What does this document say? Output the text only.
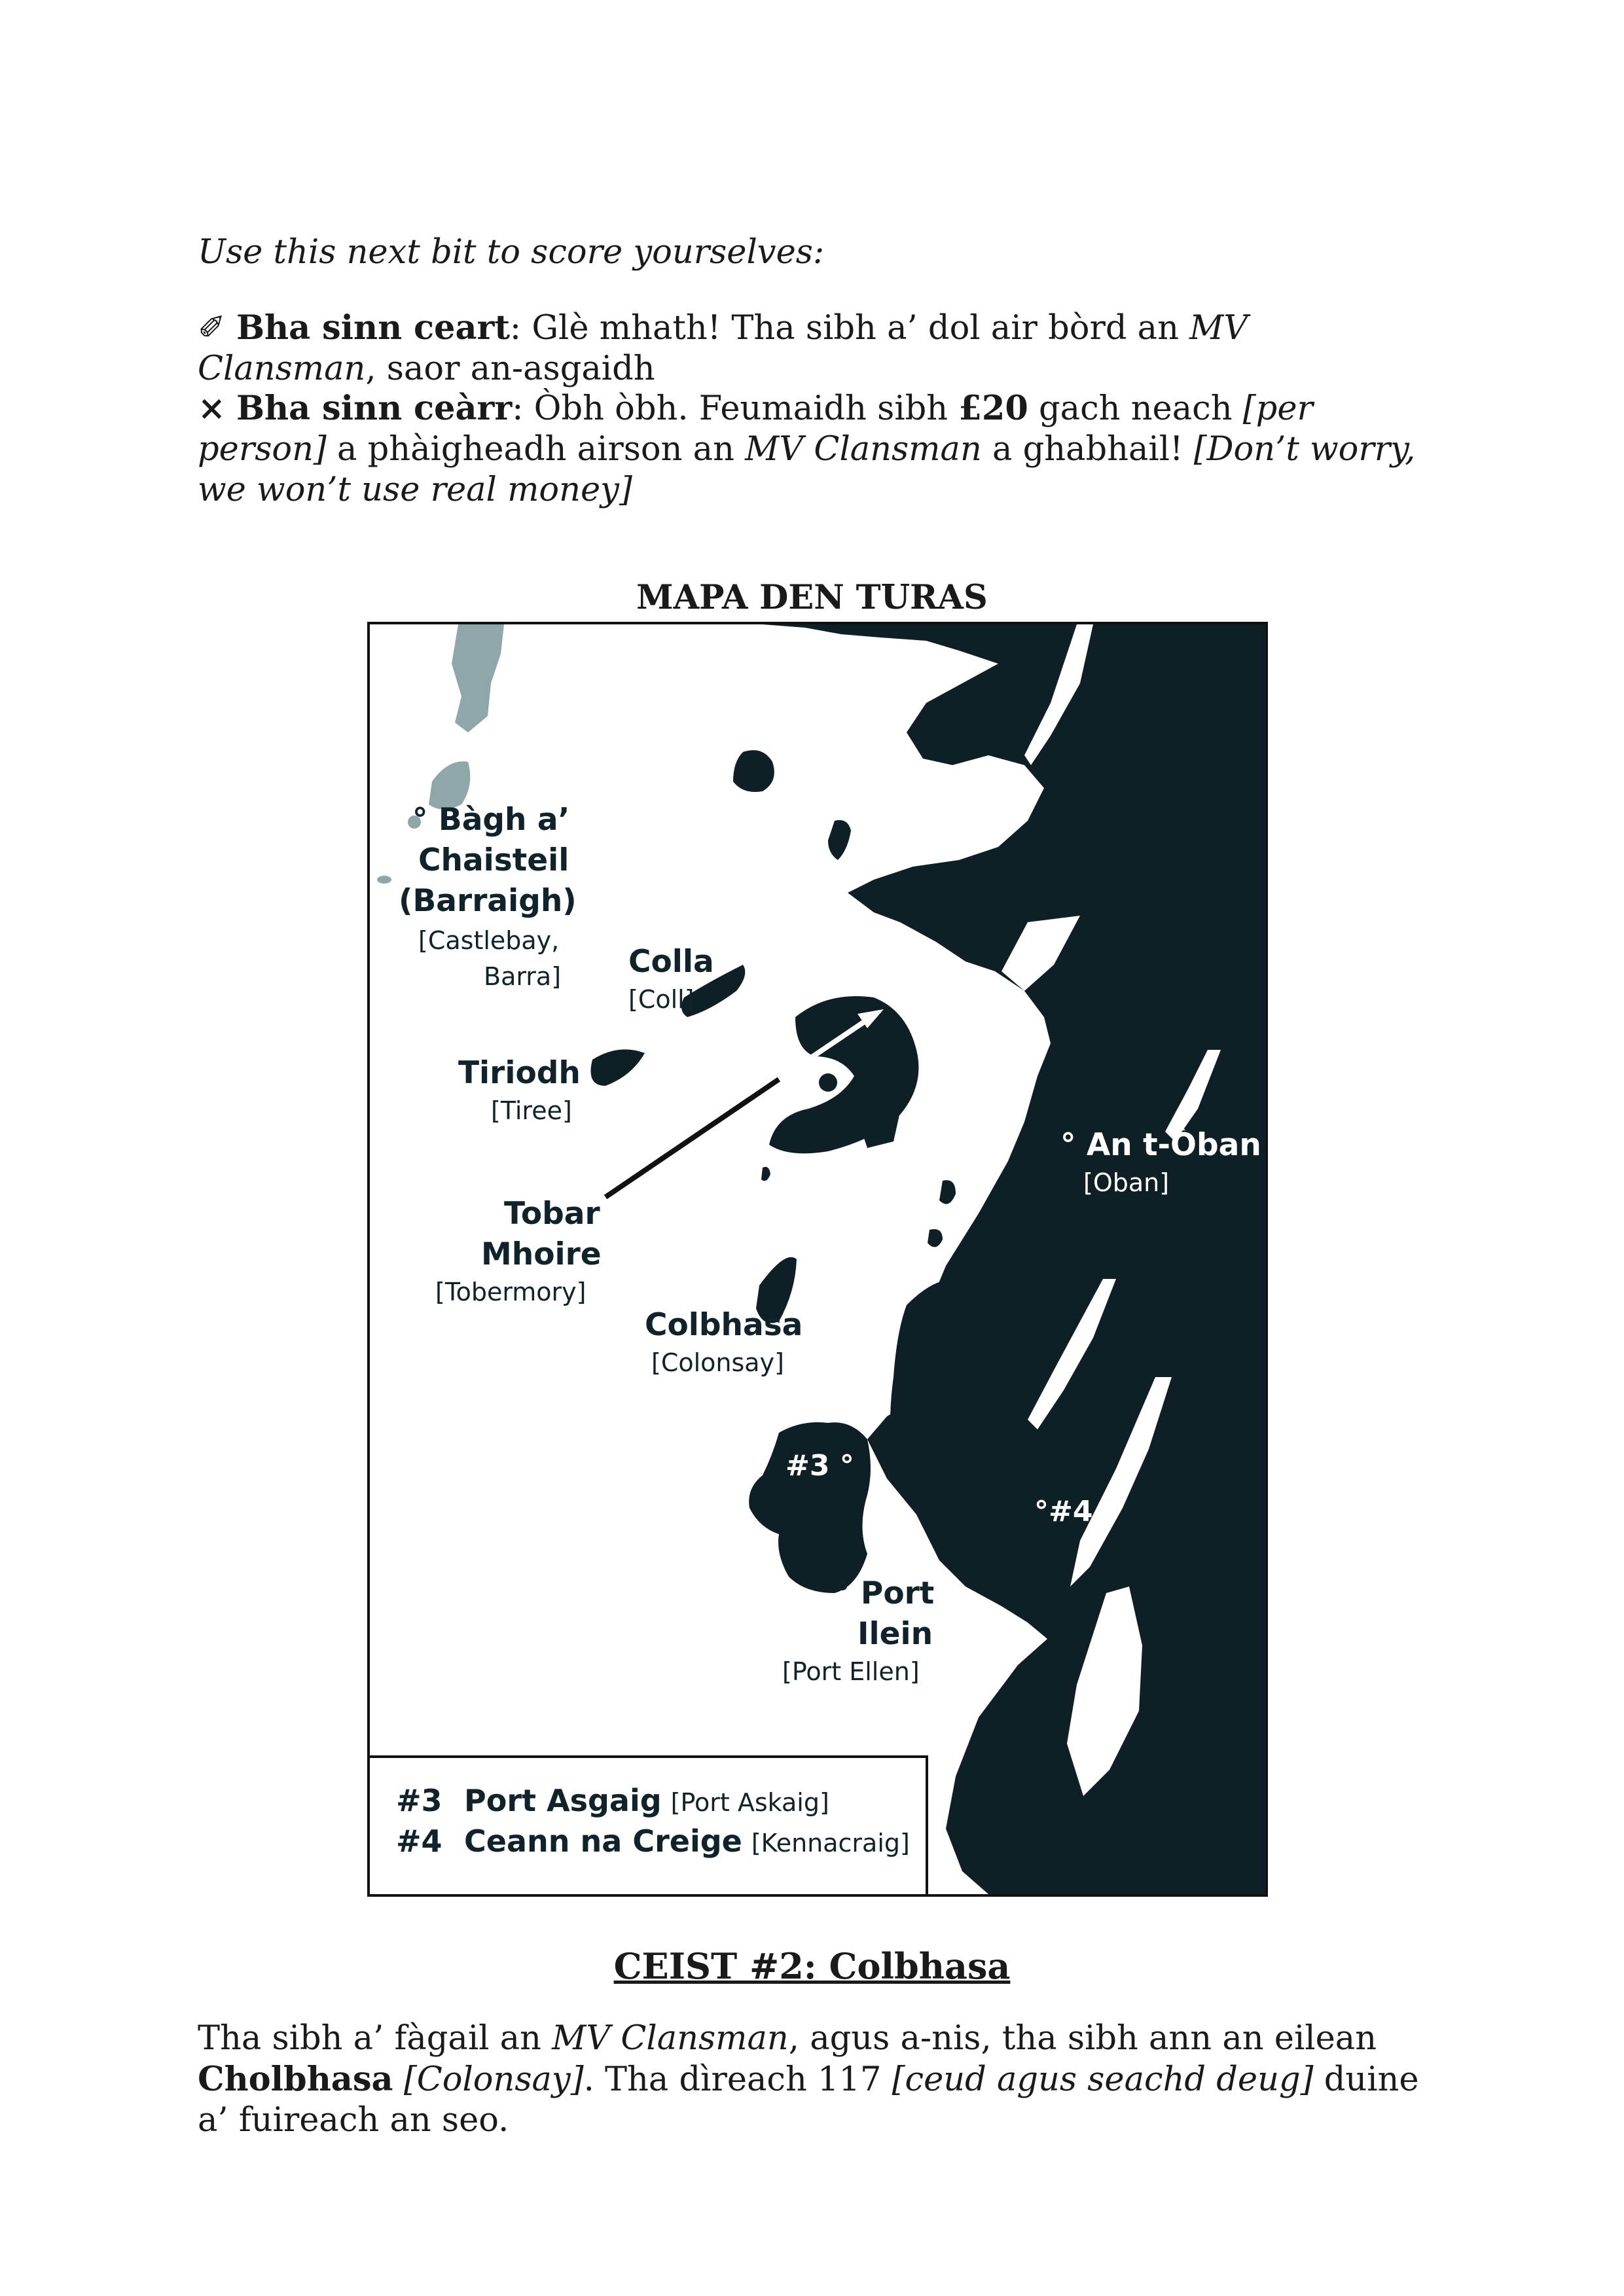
Use this next bit to score yourselves:

✐ Bha sinn ceart: Glè mhath! Tha sibh a’ dol air bòrd an MV Clansman, saor an-asgaidh

× Bha sinn ceàrr: Òbh òbh. Feumaidh sibh £20 gach neach [per person] a phàigheadh airson an MV Clansman a ghabhail! [Don’t worry, we won’t use real money]

MAPA DEN TURAS

° Bàgh a’
Chaisteil
(Barraigh)
[Castlebay,
Barra] Colla
[Coll]
Tiriodh
[Tiree]
Tobar
Mhoire
[Tobermory]
° An t-Òban
[Oban]
Colbhasa
[Colonsay]
#3 °
°#4
° Port
Ilein
[Port Ellen]
#3 Port Asgaig [Port Askaig]
#4 Ceann na Creige [Kennacraig]

CEIST #2: Colbhasa

Tha sibh a’ fàgail an MV Clansman, agus a-nis, tha sibh ann an eilean Cholbhasa [Colonsay]. Tha dìreach 117 [ceud agus seachd deug] duine a’ fuireach an seo.
